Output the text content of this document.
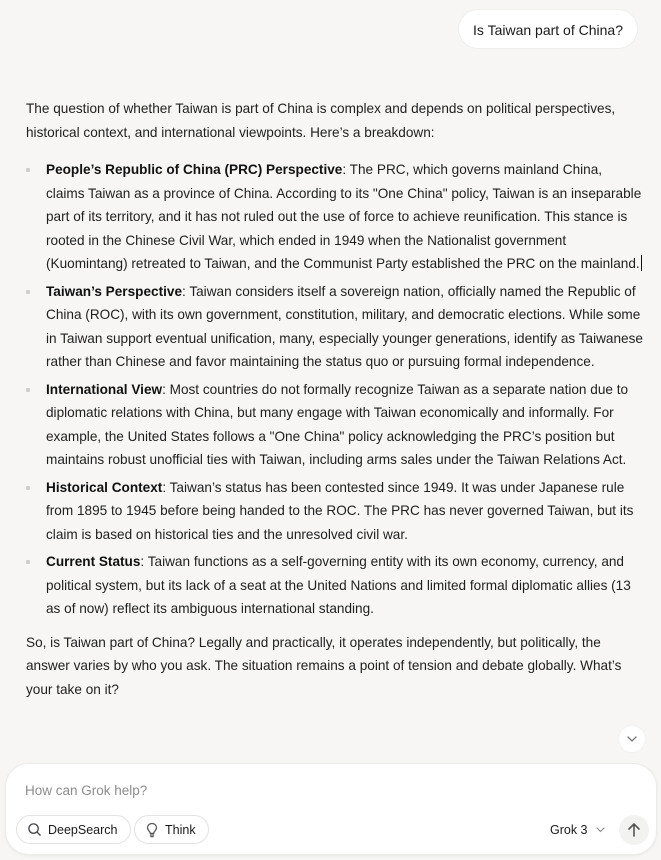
Is Taiwan part of China?

The question of whether Taiwan is part of China is complex and depends on political perspectives, historical context, and international viewpoints. Here’s a breakdown:

People’s Republic of China (PRC) Perspective: The PRC, which governs mainland China, claims Taiwan as a province of China. According to its "One China" policy, Taiwan is an inseparable part of its territory, and it has not ruled out the use of force to achieve reunification. This stance is rooted in the Chinese Civil War, which ended in 1949 when the Nationalist government (Kuomintang) retreated to Taiwan, and the Communist Party established the PRC on the mainland.
Taiwan’s Perspective: Taiwan considers itself a sovereign nation, officially named the Republic of China (ROC), with its own government, constitution, military, and democratic elections. While some in Taiwan support eventual unification, many, especially younger generations, identify as Taiwanese rather than Chinese and favor maintaining the status quo or pursuing formal independence.
International View: Most countries do not formally recognize Taiwan as a separate nation due to diplomatic relations with China, but many engage with Taiwan economically and informally. For example, the United States follows a "One China" policy acknowledging the PRC’s position but maintains robust unofficial ties with Taiwan, including arms sales under the Taiwan Relations Act.
Historical Context: Taiwan’s status has been contested since 1949. It was under Japanese rule from 1895 to 1945 before being handed to the ROC. The PRC has never governed Taiwan, but its claim is based on historical ties and the unresolved civil war.
Current Status: Taiwan functions as a self-governing entity with its own economy, currency, and political system, but its lack of a seat at the United Nations and limited formal diplomatic allies (13 as of now) reflect its ambiguous international standing.

So, is Taiwan part of China? Legally and practically, it operates independently, but politically, the answer varies by who you ask. The situation remains a point of tension and debate globally. What’s your take on it?

How can Grok help?
DeepSearch	Think	Grok 3
